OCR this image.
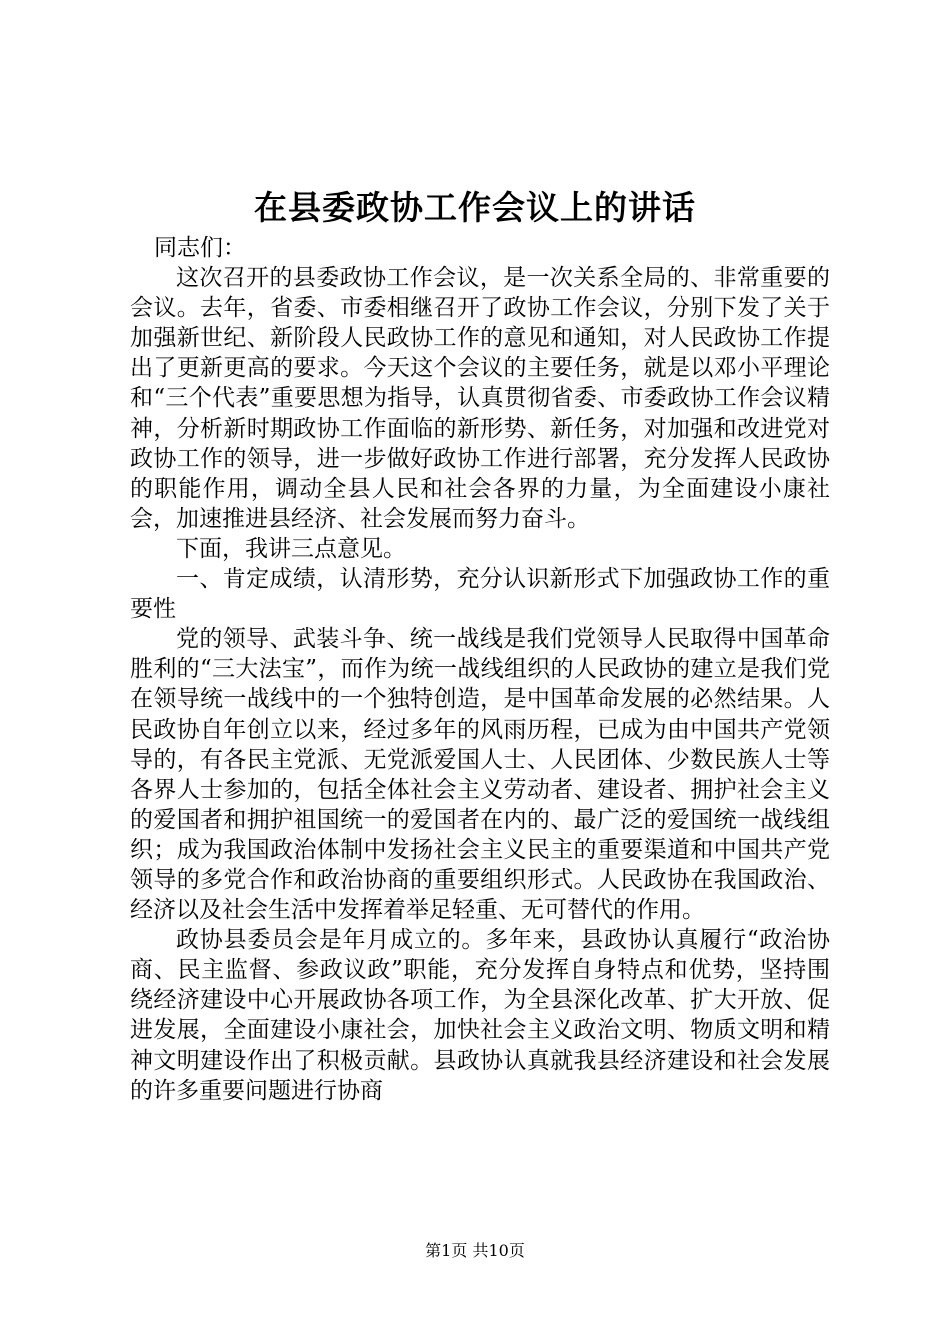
在县委政协工作会议上的讲话

同志们：

这次召开的县委政协工作会议，是一次关系全局的、非常重要的会议。去年，省委、市委相继召开了政协工作会议，分别下发了关于加强新世纪、新阶段人民政协工作的意见和通知，对人民政协工作提出了更新更高的要求。今天这个会议的主要任务，就是以邓小平理论和“三个代表”重要思想为指导，认真贯彻省委、市委政协工作会议精神，分析新时期政协工作面临的新形势、新任务，对加强和改进党对政协工作的领导，进一步做好政协工作进行部署，充分发挥人民政协的职能作用，调动全县人民和社会各界的力量，为全面建设小康社会，加速推进县经济、社会发展而努力奋斗。

下面，我讲三点意见。

一、肯定成绩，认清形势，充分认识新形式下加强政协工作的重要性

党的领导、武装斗争、统一战线是我们党领导人民取得中国革命胜利的“三大法宝”，而作为统一战线组织的人民政协的建立是我们党在领导统一战线中的一个独特创造，是中国革命发展的必然结果。人民政协自年创立以来，经过多年的风雨历程，已成为由中国共产党领导的，有各民主党派、无党派爱国人士、人民团体、少数民族人士等各界人士参加的，包括全体社会主义劳动者、建设者、拥护社会主义的爱国者和拥护祖国统一的爱国者在内的、最广泛的爱国统一战线组织；成为我国政治体制中发扬社会主义民主的重要渠道和中国共产党领导的多党合作和政治协商的重要组织形式。人民政协在我国政治、经济以及社会生活中发挥着举足轻重、无可替代的作用。

政协县委员会是年月成立的。多年来，县政协认真履行“政治协商、民主监督、参政议政”职能，充分发挥自身特点和优势，坚持围绕经济建设中心开展政协各项工作，为全县深化改革、扩大开放、促进发展，全面建设小康社会，加快社会主义政治文明、物质文明和精神文明建设作出了积极贡献。县政协认真就我县经济建设和社会发展的许多重要问题进行协商

第1页 共10页
